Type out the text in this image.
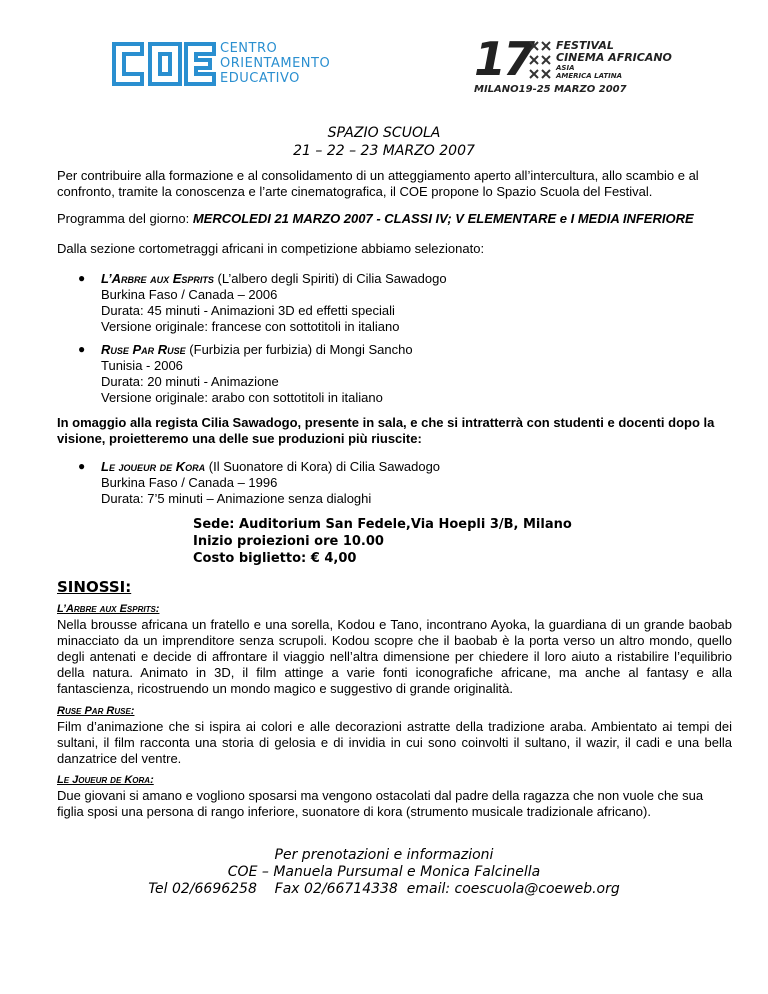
CENTRO
ORIENTAMENTO
EDUCATIVO	17 FESTIVAL
CINEMA AFRICANO
ASIA
AMERICA LATINA
MILANO19-25 MARZO 2007
SPAZIO SCUOLA
21 – 22 – 23 MARZO 2007
Per contribuire alla formazione e al consolidamento di un atteggiamento aperto all’intercultura, allo scambio e al confronto, tramite la conoscenza e l’arte cinematografica, il COE propone lo Spazio Scuola del Festival.
Programma del giorno: MERCOLEDI 21 MARZO 2007 - CLASSI IV; V ELEMENTARE e I MEDIA INFERIORE
Dalla sezione cortometraggi africani in competizione abbiamo selezionato:
● L’Arbre aux Esprits (L’albero degli Spiriti) di Cilia Sawadogo
Burkina Faso / Canada – 2006
Durata: 45 minuti - Animazioni 3D ed effetti speciali
Versione originale: francese con sottotitoli in italiano
● Ruse Par Ruse (Furbizia per furbizia) di Mongi Sancho
Tunisia - 2006
Durata: 20 minuti - Animazione
Versione originale: arabo con sottotitoli in italiano
In omaggio alla regista Cilia Sawadogo, presente in sala, e che si intratterrà con studenti e docenti dopo la visione, proietteremo una delle sue produzioni più riuscite:
● Le joueur de Kora (Il Suonatore di Kora) di Cilia Sawadogo
Burkina Faso / Canada – 1996
Durata: 7’5 minuti – Animazione senza dialoghi
Sede: Auditorium San Fedele,Via Hoepli 3/B, Milano
Inizio proiezioni ore 10.00
Costo biglietto: € 4,00
SINOSSI:
L’Arbre aux Esprits:
Nella brousse africana un fratello e una sorella, Kodou e Tano, incontrano Ayoka, la guardiana di un grande baobab minacciato da un imprenditore senza scrupoli. Kodou scopre che il baobab è la porta verso un altro mondo, quello degli antenati e decide di affrontare il viaggio nell’altra dimensione per chiedere il loro aiuto a ristabilire l’equilibrio della natura. Animato in 3D, il film attinge a varie fonti iconografiche africane, ma anche al fantasy e alla fantascienza, ricostruendo un mondo magico e suggestivo di grande originalità.
Ruse Par Ruse:
Film d’animazione che si ispira ai colori e alle decorazioni astratte della tradizione araba. Ambientato ai tempi dei sultani, il film racconta una storia di gelosia e di invidia in cui sono coinvolti il sultano, il wazir, il cadi e una bella danzatrice del ventre.
Le Joueur de Kora:
Due giovani si amano e vogliono sposarsi ma vengono ostacolati dal padre della ragazza che non vuole che sua figlia sposi una persona di rango inferiore, suonatore di kora (strumento musicale tradizionale africano).
Per prenotazioni e informazioni
COE – Manuela Pursumal e Monica Falcinella
Tel 02/6696258    Fax 02/66714338  email: coescuola@coeweb.org
